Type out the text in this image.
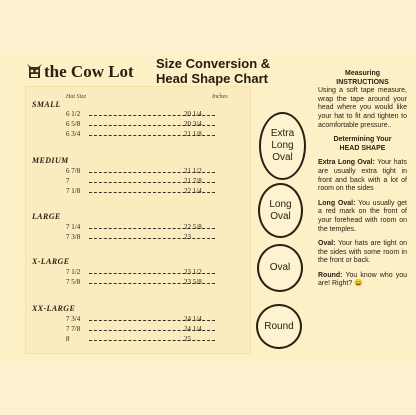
the Cow Lot Size Conversion &
Head Shape Chart
Hat Size	Inches
SMALL
6 1/2	20 1/4
6 5/8	20 3/4
6 3/4	21 1/8
MEDIUM
6 7/8	21 1/2
7	21 7/8
7 1/8	22 1/4
LARGE
7 1/4	22 5/8
7 3/8	23
X-LARGE
7 1/2	23 1/2
7 5/8	23 5/8
XX-LARGE
7 3/4	24 1/4
7 7/8	24 1/4
8	25
Extra
Long
Oval
Long
Oval
Oval
Round

Measuring

INSTRUCTIONS

Using a soft tape measure, wrap the tape around your head where you would like your hat to fit and tighten to acomfortable pressure..

Determining Your

HEAD SHAPE

Extra Long Oval: Your hats are usually extra tight in front and back with a lot of room on the sides

Long Oval: You usually get a red mark on the front of your forehead with room on the temples.

Oval: Your hats are tight on the sides with some room in the front or back.

Round: You know who you are! Right? 😄
